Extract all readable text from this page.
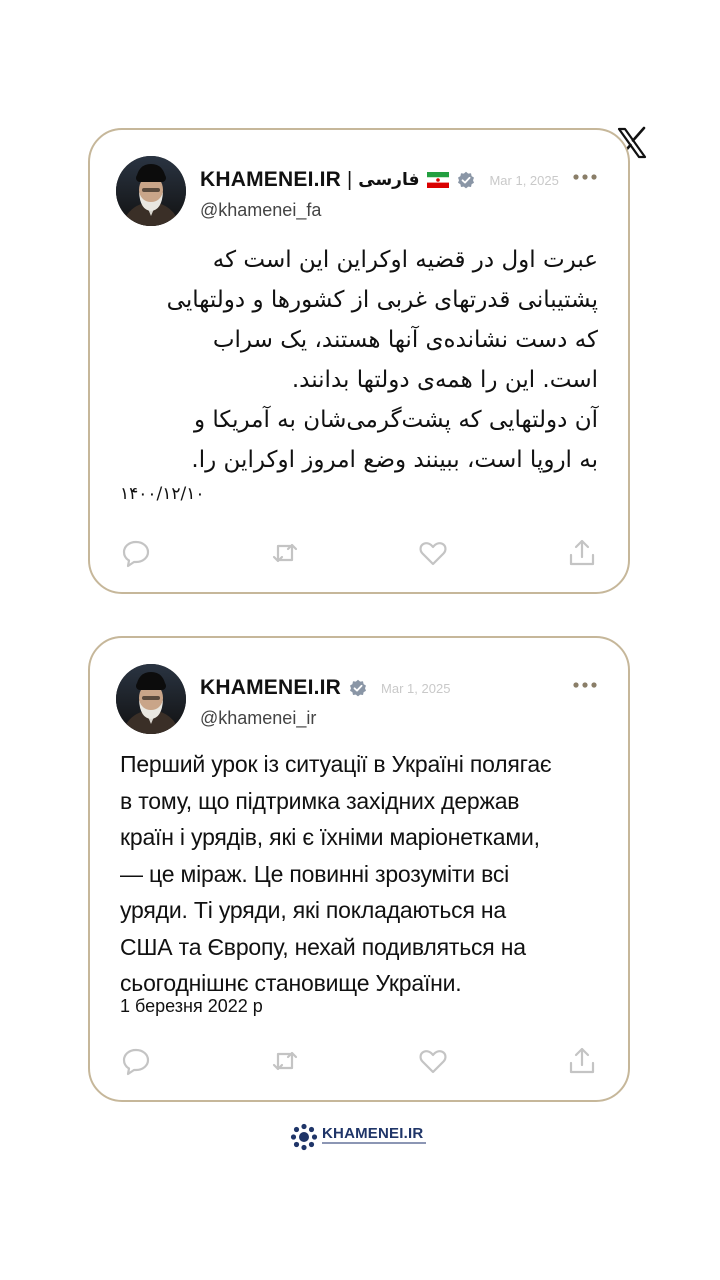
KHAMENEI.IR | فارسی	Mar 1, 2025
@khamenei_fa
عبرت اول در قضیه اوکراین این است که
پشتیبانی قدرتهای غربی از کشورها و دولتهایی
که دست نشانده‌ی آنها هستند، یک سراب
است. این را همه‌ی دولتها بدانند.
آن دولتهایی که پشت‌گرمی‌شان به آمریکا و
به اروپا است، ببینند وضع امروز اوکراین را.
۱۴۰۰/۱۲/۱۰
KHAMENEI.IR	Mar 1, 2025
@khamenei_ir
Перший урок із ситуації в Україні полягає
в тому, що підтримка західних держав
країн і урядів, які є їхніми маріонетками,
— це міраж. Це повинні зрозуміти всі
уряди. Ті уряди, які покладаються на
США та Європу, нехай подивляться на
сьогоднішнє становище України.
1 березня 2022 р
KHAMENEI.IR
